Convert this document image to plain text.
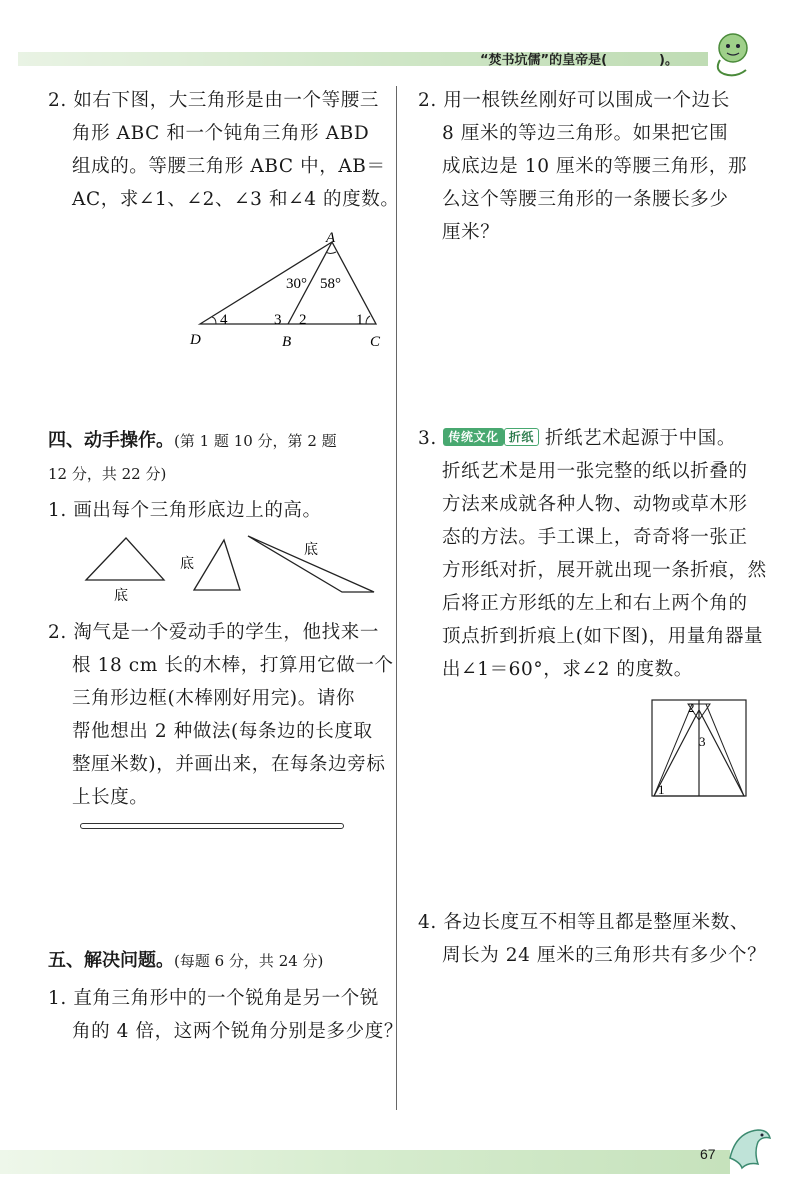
“焚书坑儒”的皇帝是(　　　　)。

2. 如右下图，大三角形是由一个等腰三

角形 ABC 和一个钝角三角形 ABD

组成的。等腰三角形 ABC 中，AB＝

AC，求∠1、∠2、∠3 和∠4 的度数。

A
B	C
D
30° 58°
1
2
3
4

四、动手操作。(第 1 题 10 分，第 2 题

12 分，共 22 分)

1. 画出每个三角形底边上的高。

底
底
底

2. 淘气是一个爱动手的学生，他找来一

根 18 cm 长的木棒，打算用它做一个

三角形边框(木棒刚好用完)。请你

帮他想出 2 种做法(每条边的长度取

整厘米数)，并画出来，在每条边旁标

上长度。

五、解决问题。(每题 6 分，共 24 分)

1. 直角三角形中的一个锐角是另一个锐

角的 4 倍，这两个锐角分别是多少度？

2. 用一根铁丝刚好可以围成一个边长

8 厘米的等边三角形。如果把它围

成底边是 10 厘米的等腰三角形，那

么这个等腰三角形的一条腰长多少

厘米？

3. 传统文化 折纸 折纸艺术起源于中国。

折纸艺术是用一张完整的纸以折叠的

方法来成就各种人物、动物或草木形

态的方法。手工课上，奇奇将一张正

方形纸对折，展开就出现一条折痕，然

后将正方形纸的左上和右上两个角的

顶点折到折痕上(如下图)，用量角器量

出∠1＝60°，求∠2 的度数。

1
2
3

4. 各边长度互不相等且都是整厘米数、

周长为 24 厘米的三角形共有多少个？

67
